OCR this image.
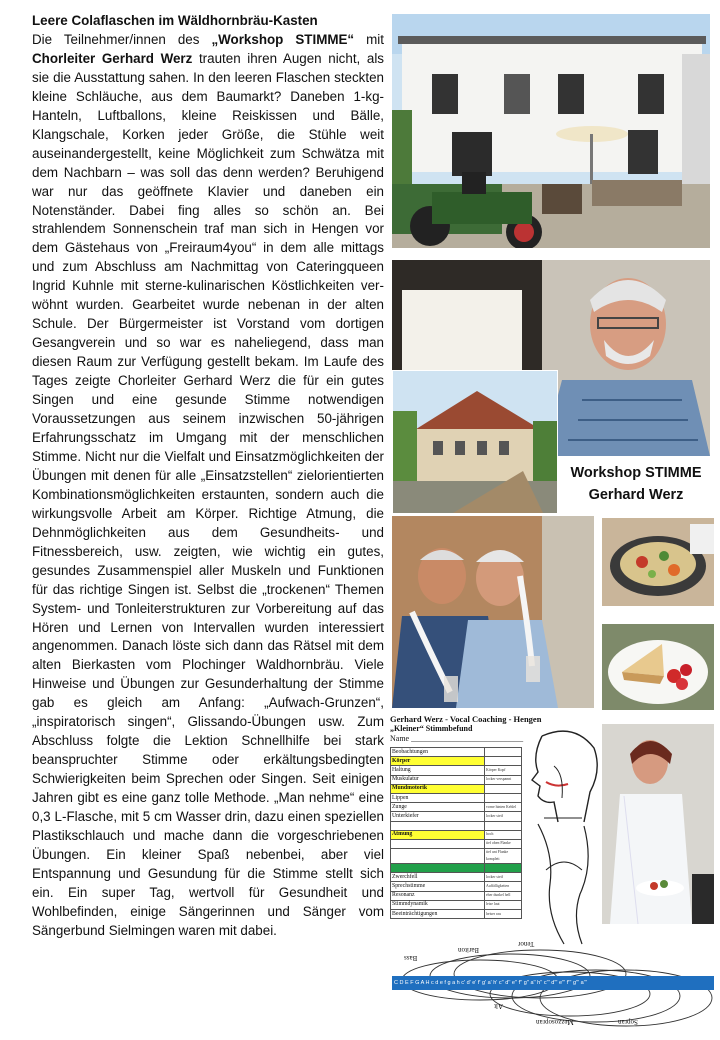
Leere Colaflaschen im Wäldhornbräu-Kasten

Die Teilnehmer/innen des „Workshop STIMME“ mit Chorleiter Gerhard Werz trauten ihren Augen nicht, als sie die Ausstattung sahen. In den leeren Flaschen steckten kleine Schläuche, aus dem Baumarkt? Daneben 1-kg-Hanteln, Luftballons, kleine Reiskissen und Bälle, Klangschale, Korken jeder Größe, die Stühle weit auseinandergestellt, keine Möglichkeit zum Schwätza mit dem Nachbarn – was soll das denn werden? Beruhigend war nur das geöffnete Klavier und daneben ein Notenständer. Dabei fing alles so schön an. Bei strahlendem Sonnenschein traf man sich in Hengen vor dem Gästehaus von „Freiraum4you“ in dem alle mittags und zum Abschluss am Nachmittag von Cateringqueen Ingrid Kuhnle mit sterne-kulinarischen Köstlichkeiten verwöhnt wurden. Gearbeitet wurde nebenan in der alten Schule. Der Bürgermeister ist Vorstand vom dortigen Gesangverein und so war es naheliegend, dass man diesen Raum zur Verfügung gestellt bekam. Im Laufe des Tages zeigte Chorleiter Gerhard Werz die für ein gutes Singen und eine gesunde Stimme notwendigen Voraussetzungen aus seinem inzwischen 50-jährigen Erfahrungsschatz im Umgang mit der menschlichen Stimme. Nicht nur die Vielfalt und Einsatzmöglichkeiten der Übungen mit denen für alle „Einsatzstellen“ zielorientierten Kombinationsmöglichkeiten erstaunten, sondern auch die wirkungsvolle Arbeit am Körper. Richtige Atmung, die Dehnmöglichkeiten aus dem Gesundheits- und Fitnessbereich, usw. zeigten, wie wichtig ein gutes, gesundes Zusammenspiel aller Muskeln und Funktionen für das richtige Singen ist. Selbst die „trockenen“ Themen System- und Tonleiterstrukturen zur Vorbereitung auf das Hören und Lernen von Intervallen wurden interessiert angenommen. Danach löste sich dann das Rätsel mit dem alten Bierkasten vom Plochinger Waldhornbräu. Viele Hinweise und Übungen zur Gesunderhaltung der Stimme gab es gleich am Anfang: „Aufwach-Grunzen“, „inspiratorisch singen“, Glissando-Übungen usw. Zum Abschluss folgte die Lektion Schnellhilfe bei stark beanspruchter Stimme oder erkältungsbedingten Schwierigkeiten beim Sprechen oder Singen. Seit einigen Jahren gibt es eine ganz tolle Methode. „Man nehme“ eine 0,3 L-Flasche, mit 5 cm Wasser drin, dazu einen speziellen Plastikschlauch und mache dann die vorgeschriebenen Übungen. Ein kleiner Spaß nebenbei, aber viel Entspannung und Gesundung für die Stimme stellt sich ein. Ein super Tag, wertvoll für Gesundheit und Wohlbefinden, einige Sängerinnen und Sänger vom Sängerbund Sielmingen waren mit dabei.

Workshop STIMME
Gerhard Werz
Gerhard Werz - Vocal Coaching - Hengen
„Kleiner“ Stimmbefund
Name ____________________________
Beobachtungen	
Körper	
Haltung	Körper Kopf
Muskulatur	locker verspannt
Mundmotorik	
Lippen	
Zunge	vorne hinten Kehlel
Unterkiefer	locker steif

Atmung	hoch
	tief oben Flanke
	tief unt Flanke komplett

Zwerchfell	locker steif
Sprechstimme	Auffälligkeiten
Resonanz	eher dunkel hell
Stimmdynamik	leise laut
Beeinträchtigungen	heiser rau
C D E F G A H c d e f g a h c' d' e' f' g' a' h' c'' d'' e'' f'' g'' a'' h'' c''' d''' e''' f''' g''' a'''
Bass
Bariton
Tenor
Alt
Mezzosopran	Sopran
